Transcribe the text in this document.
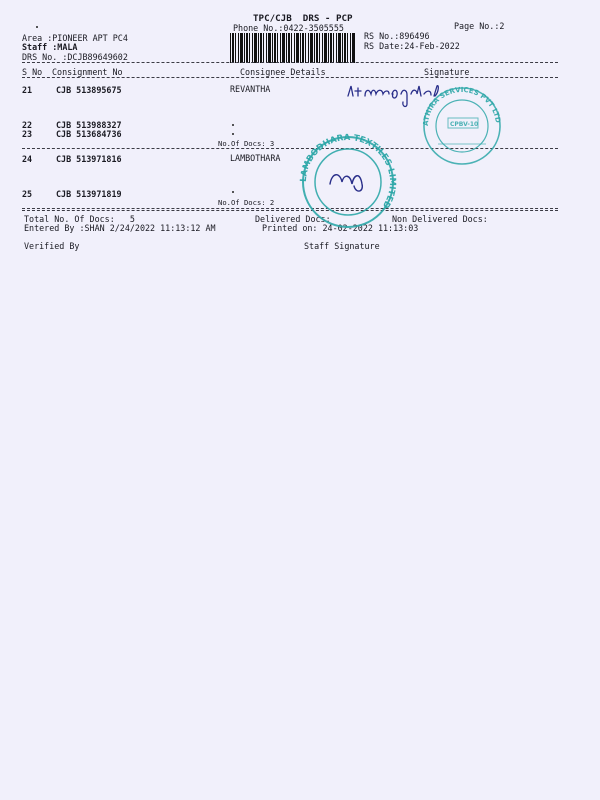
TPC/CJB  DRS - PCP
Phone No.:0422-3505555	Page No.:2
Area :PIONEER APT PC4
Staff :MALA
DRS No. :DCJB89649602
RS No.:896496
RS Date:24-Feb-2022
S No Consignment No	Consignee Details	Signature
21	CJB 513895675	REVANTHA
22	CJB 513988327
23	CJB 513684736
No.Of Docs: 3
24	CJB 513971816	LAMBOTHARA
25	CJB 513971819
No.Of Docs: 2
Total No. Of Docs:   5	Delivered Docs:	Non Delivered Docs:
Entered By :SHAN 2/24/2022 11:13:12 AM	Printed on: 24-02-2022 11:13:03
Verified By	Staff Signature
ATHIRA SERVICES PVT LTD
CPBV-10
LAMBODHARA TEXTILES LIMITED
